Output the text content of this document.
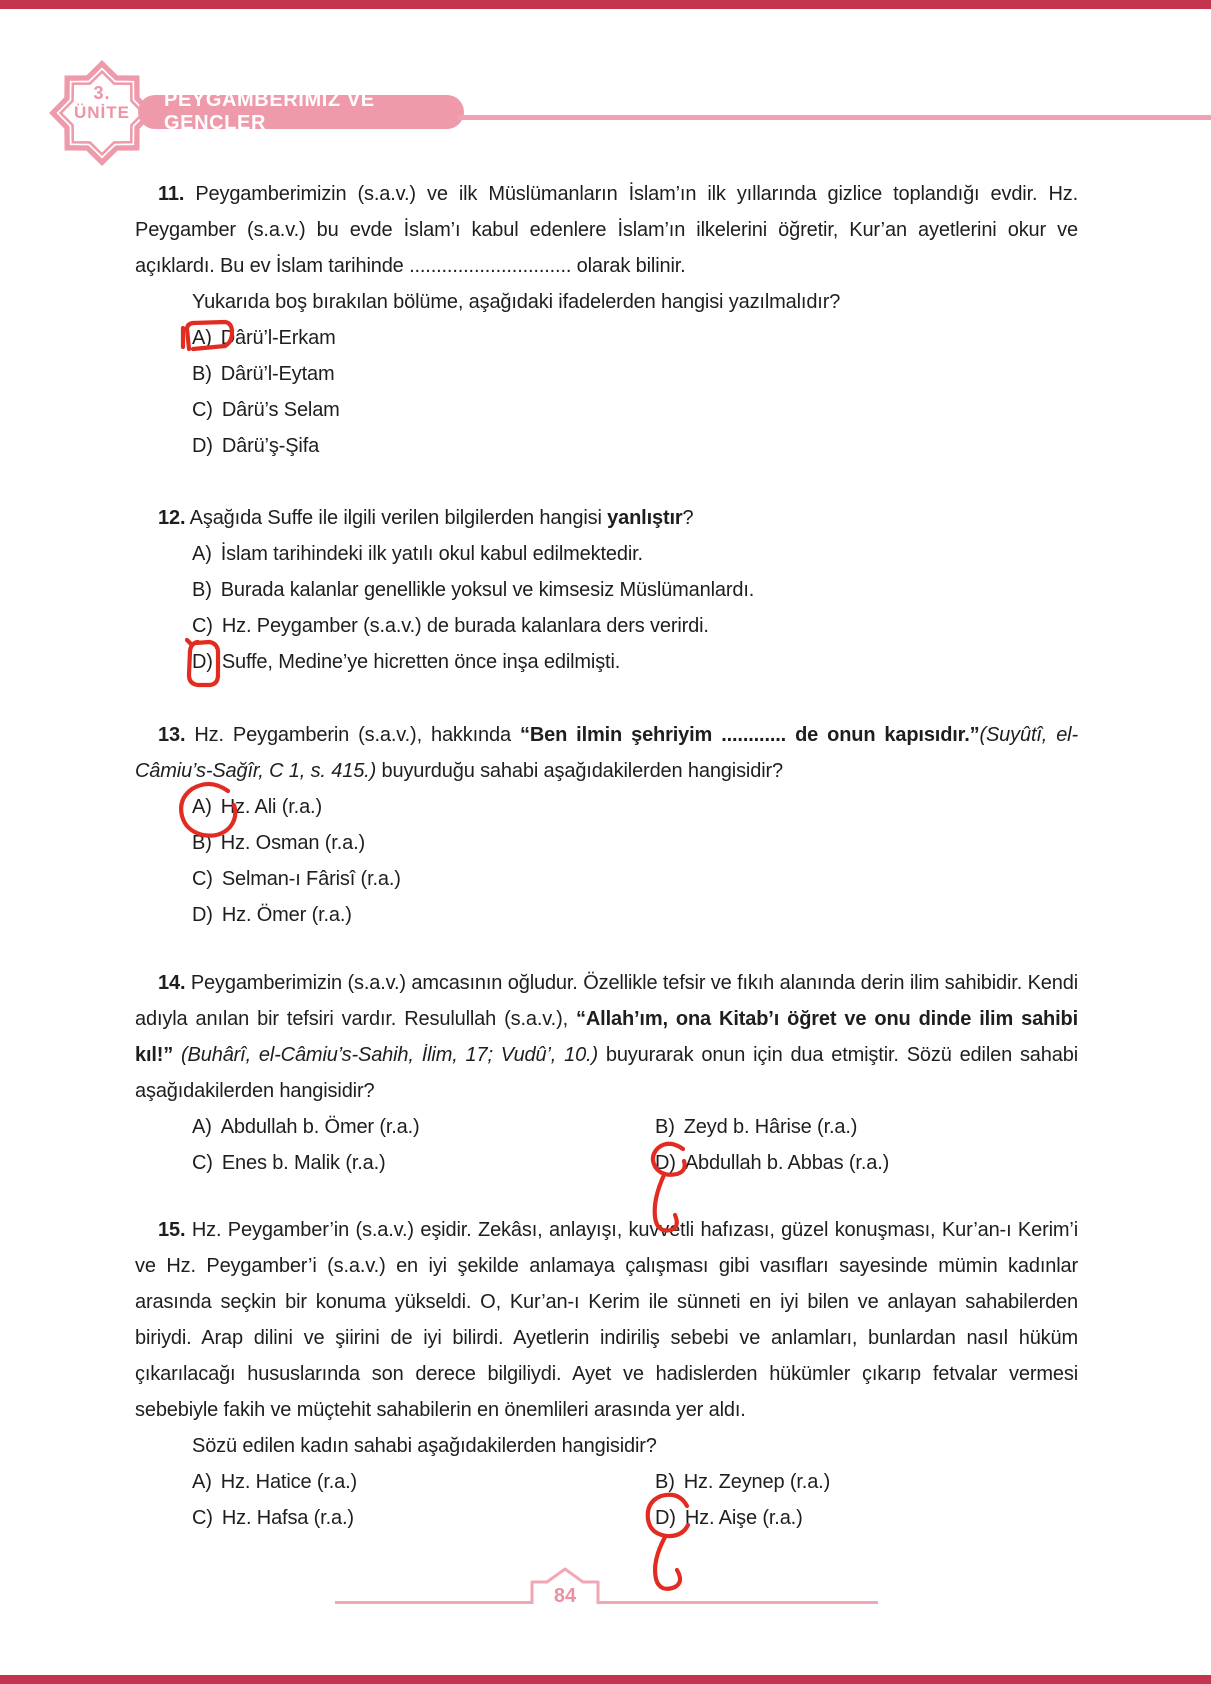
3.
ÜNİTE
PEYGAMBERİMİZ VE GENÇLER

11. Peygamberimizin (s.a.v.) ve ilk Müslümanların İslam’ın ilk yıllarında gizlice toplandığı evdir. Hz. Peygamber (s.a.v.) bu evde İslam’ı kabul edenlere İslam’ın ilkelerini öğretir, Kur’an ayetlerini okur ve açıklardı. Bu ev İslam tarihinde .............................. olarak bilinir.

Yukarıda boş bırakılan bölüme, aşağıdaki ifadelerden hangisi yazılmalıdır?

A) Dârü’l-Erkam
B) Dârü’l-Eytam
C) Dârü’s Selam
D) Dârü’ş-Şifa

12. Aşağıda Suffe ile ilgili verilen bilgilerden hangisi yanlıştır?

A) İslam tarihindeki ilk yatılı okul kabul edilmektedir.
B) Burada kalanlar genellikle yoksul ve kimsesiz Müslümanlardı.
C) Hz. Peygamber (s.a.v.) de burada kalanlara ders verirdi.
D) Suffe, Medine’ye hicretten önce inşa edilmişti.

13. Hz. Peygamberin (s.a.v.), hakkında “Ben ilmin şehriyim ............ de onun kapısıdır.”(Suyûtî, el-Câmiu’s-Sağîr, C 1, s. 415.) buyurduğu sahabi aşağıdakilerden hangisidir?

A) Hz. Ali (r.a.)
B) Hz. Osman (r.a.)
C) Selman-ı Fârisî (r.a.)
D) Hz. Ömer (r.a.)

14. Peygamberimizin (s.a.v.) amcasının oğludur. Özellikle tefsir ve fıkıh alanında derin ilim sahibidir. Kendi adıyla anılan bir tefsiri vardır. Resulullah (s.a.v.), “Allah’ım, ona Kitab’ı öğret ve onu dinde ilim sahibi kıl!” (Buhârî, el-Câmiu’s-Sahih, İlim, 17; Vudû’, 10.) buyurarak onun için dua etmiştir. Sözü edilen sahabi aşağıdakilerden hangisidir?

A) Abdullah b. Ömer (r.a.)	B) Zeyd b. Hârise (r.a.)
C) Enes b. Malik (r.a.)	D) Abdullah b. Abbas (r.a.)

15. Hz. Peygamber’in (s.a.v.) eşidir. Zekâsı, anlayışı, kuvvetli hafızası, güzel konuşması, Kur’an-ı Kerim’i ve Hz. Peygamber’i (s.a.v.) en iyi şekilde anlamaya çalışması gibi vasıfları sayesinde mümin kadınlar arasında seçkin bir konuma yükseldi. O, Kur’an-ı Kerim ile sünneti en iyi bilen ve anlayan sahabilerden biriydi. Arap dilini ve şiirini de iyi bilirdi. Ayetlerin indiriliş sebebi ve anlamları, bunlardan nasıl hüküm çıkarılacağı hususlarında son derece bilgiliydi. Ayet ve hadislerden hükümler çıkarıp fetvalar vermesi sebebiyle fakih ve müçtehit sahabilerin en önemlileri arasında yer aldı.

Sözü edilen kadın sahabi aşağıdakilerden hangisidir?

A) Hz. Hatice (r.a.)	B) Hz. Zeynep (r.a.)
C) Hz. Hafsa (r.a.)	D) Hz. Aişe (r.a.)
84
